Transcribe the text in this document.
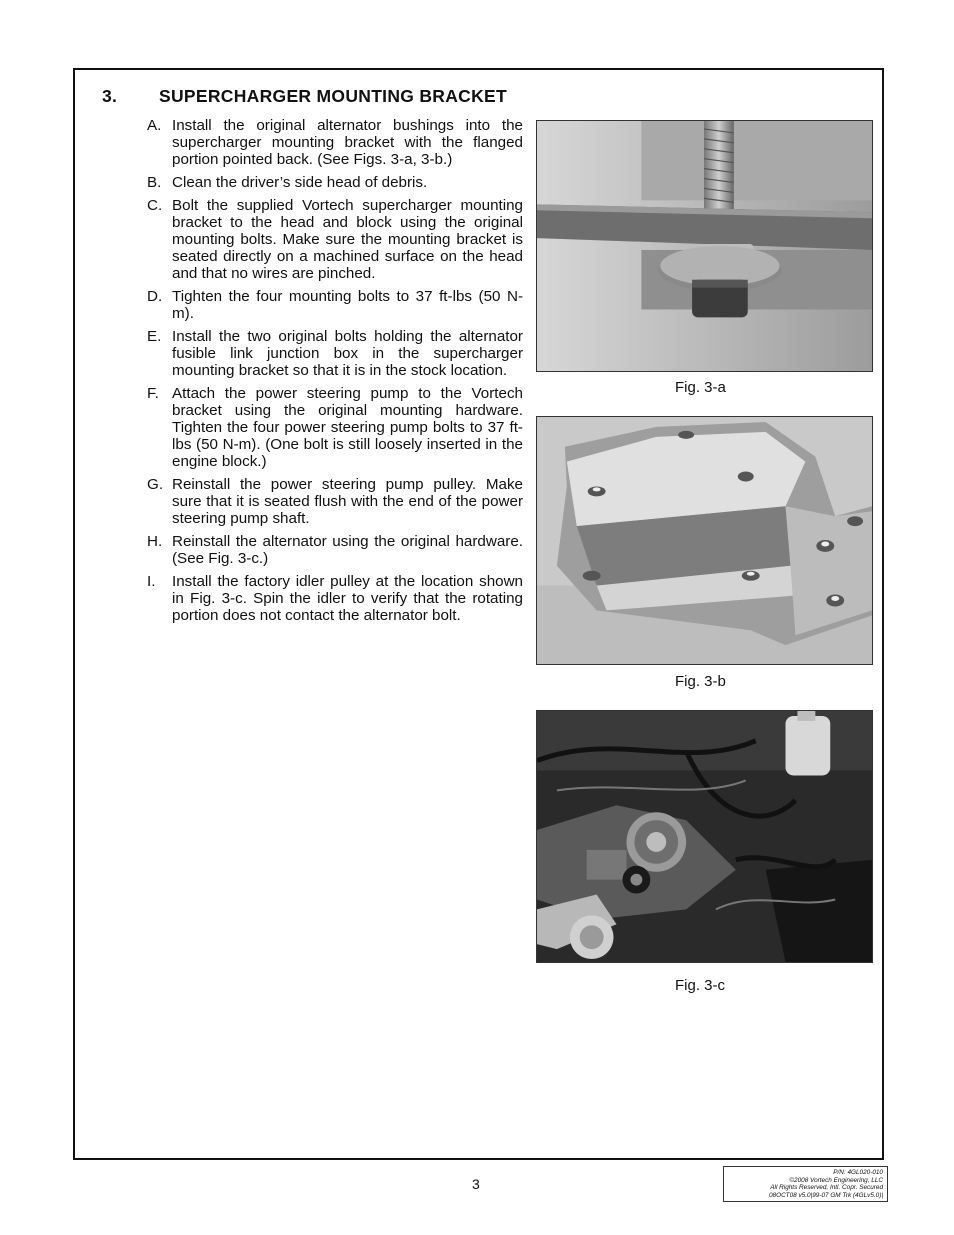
3. SUPERCHARGER MOUNTING BRACKET
A. Install the original alternator bushings into the supercharger mounting bracket with the flanged portion pointed back. (See Figs. 3-a, 3-b.)
B. Clean the driver’s side head of debris.
C. Bolt the supplied Vortech supercharger mounting bracket to the head and block using the original mounting bolts. Make sure the mounting bracket is seated directly on a machined surface on the head and that no wires are pinched.
D. Tighten the four mounting bolts to 37 ft-lbs (50 N-m).
E. Install the two original bolts holding the alternator fusible link junction box in the supercharger mounting bracket so that it is in the stock location.
F. Attach the power steering pump to the Vortech bracket using the original mounting hardware. Tighten the four power steering pump bolts to 37 ft-lbs (50 N-m). (One bolt is still loosely inserted in the engine block.)
G. Reinstall the power steering pump pulley. Make sure that it is seated flush with the end of the power steering pump shaft.
H. Reinstall the alternator using the original hardware. (See Fig. 3-c.)
I. Install the factory idler pulley at the location shown in Fig. 3-c. Spin the idler to verify that the rotating portion does not contact the alternator bolt.
Fig. 3-a
Fig. 3-b
Fig. 3-c
3
P/N: 4GL020-010
©2008 Vortech Engineering, LLC
All Rights Reserved, Intl. Copr. Secured
08OCT08 v5.0|99-07 GM Trk (4GLv5.0)|
